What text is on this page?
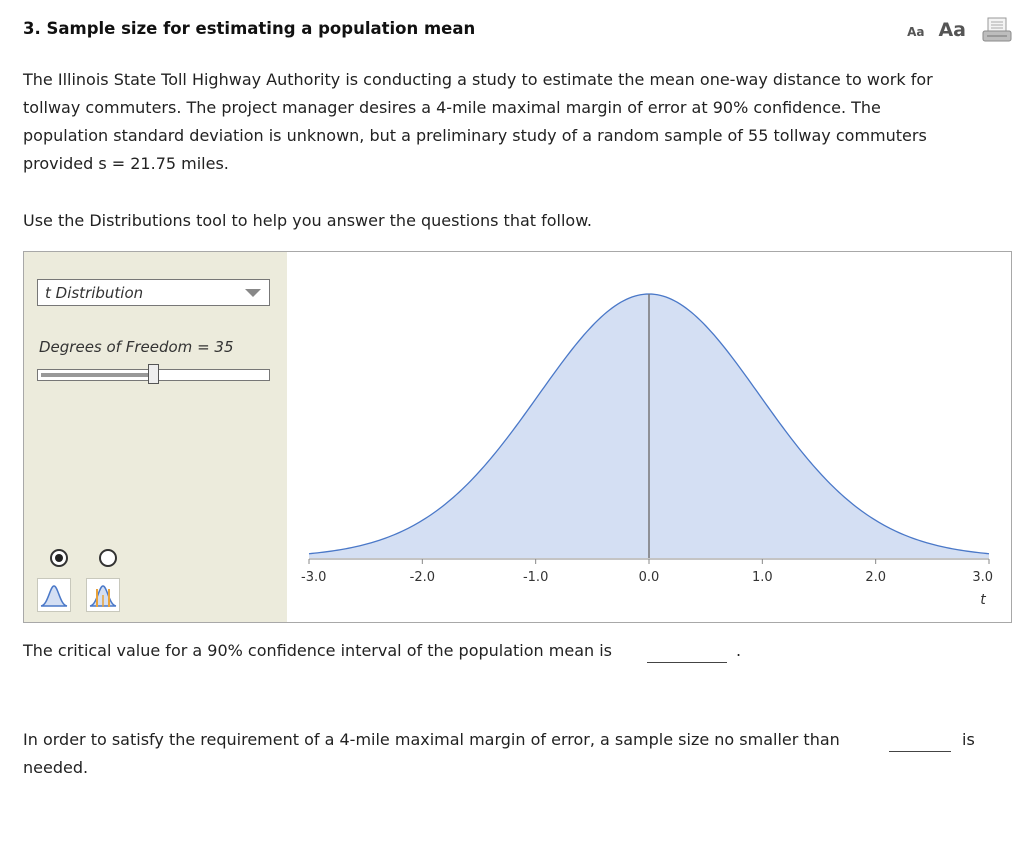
3. Sample size for estimating a population mean	Aa Aa
The Illinois State Toll Highway Authority is conducting a study to estimate the mean one-way distance to work for
tollway commuters. The project manager desires a 4-mile maximal margin of error at 90% confidence. The
population standard deviation is unknown, but a preliminary study of a random sample of 55 tollway commuters
provided s = 21.75 miles.
Use the Distributions tool to help you answer the questions that follow.
t Distribution
Degrees of Freedom = 35
-3.0	-2.0	-1.0	0.0	1.0	2.0	3.0
t
The critical value for a 90% confidence interval of the population mean is	.
In order to satisfy the requirement of a 4-mile maximal margin of error, a sample size no smaller than	is
needed.
